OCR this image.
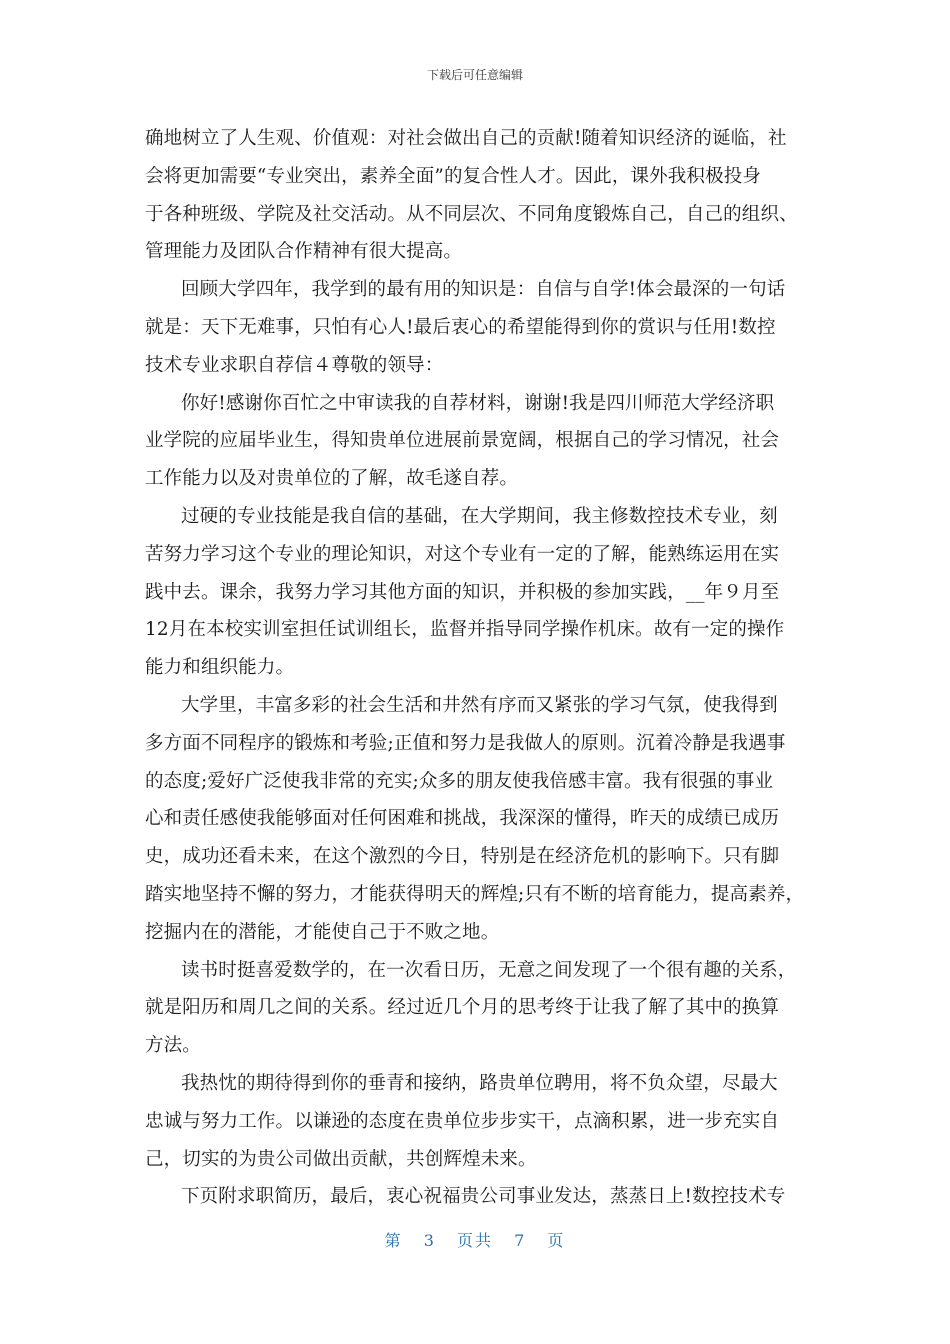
下载后可任意编辑
确地树立了人生观、价值观：对社会做出自己的贡献!随着知识经济的诞临，社
会将更加需要“专业突出，素养全面”的复合性人才。因此，课外我积极投身
于各种班级、学院及社交活动。从不同层次、不同角度锻炼自己，自己的组织、
管理能力及团队合作精神有很大提高。
回顾大学四年，我学到的最有用的知识是：自信与自学!体会最深的一句话
就是：天下无难事，只怕有心人!最后衷心的希望能得到你的赏识与任用!数控
技术专业求职自荐信４尊敬的领导：
你好!感谢你百忙之中审读我的自荐材料，谢谢!我是四川师范大学经济职
业学院的应届毕业生，得知贵单位进展前景宽阔，根据自己的学习情况，社会
工作能力以及对贵单位的了解，故毛遂自荐。
过硬的专业技能是我自信的基础，在大学期间，我主修数控技术专业，刻
苦努力学习这个专业的理论知识，对这个专业有一定的了解，能熟练运用在实
践中去。课余，我努力学习其他方面的知识，并积极的参加实践，__年９月至
12月在本校实训室担任试训组长，监督并指导同学操作机床。故有一定的操作
能力和组织能力。
大学里，丰富多彩的社会生活和井然有序而又紧张的学习气氛，使我得到
多方面不同程序的锻炼和考验;正值和努力是我做人的原则。沉着冷静是我遇事
的态度;爱好广泛使我非常的充实;众多的朋友使我倍感丰富。我有很强的事业
心和责任感使我能够面对任何困难和挑战，我深深的懂得，昨天的成绩已成历
史，成功还看未来，在这个激烈的今日，特别是在经济危机的影响下。只有脚
踏实地坚持不懈的努力，才能获得明天的辉煌;只有不断的培育能力，提高素养，
挖掘内在的潜能，才能使自己于不败之地。
读书时挺喜爱数学的，在一次看日历，无意之间发现了一个很有趣的关系，
就是阳历和周几之间的关系。经过近几个月的思考终于让我了解了其中的换算
方法。
我热忱的期待得到你的垂青和接纳，路贵单位聘用，将不负众望，尽最大
忠诚与努力工作。以谦逊的态度在贵单位步步实干，点滴积累，进一步充实自
己，切实的为贵公司做出贡献，共创辉煌未来。
下页附求职简历，最后，衷心祝福贵公司事业发达，蒸蒸日上!数控技术专
第 3 页共 7 页
